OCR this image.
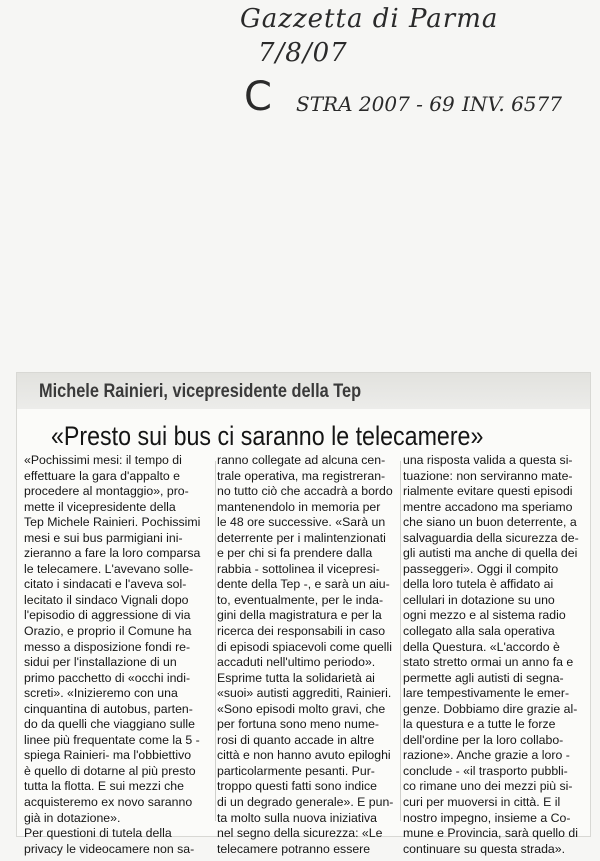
Gazzetta di Parma
7/8/07
C STRA 2007 - 69 INV. 6577
Michele Rainieri, vicepresidente della Tep
«Presto sui bus ci saranno le telecamere»
«Pochissimi mesi: il tempo di
effettuare la gara d'appalto e
procedere al montaggio», pro-
mette il vicepresidente della
Tep Michele Rainieri. Pochissimi
mesi e sui bus parmigiani ini-
zieranno a fare la loro comparsa
le telecamere. L'avevano solle-
citato i sindacati e l'aveva sol-
lecitato il sindaco Vignali dopo
l'episodio di aggressione di via
Orazio, e proprio il Comune ha
messo a disposizione fondi re-
sidui per l'installazione di un
primo pacchetto di «occhi indi-
screti». «Inizieremo con una
cinquantina di autobus, parten-
do da quelli che viaggiano sulle
linee più frequentate come la 5 -
spiega Rainieri- ma l'obbiettivo
è quello di dotarne al più presto
tutta la flotta. E sui mezzi che
acquisteremo ex novo saranno
già in dotazione».
Per questioni di tutela della
privacy le videocamere non sa-
ranno collegate ad alcuna cen-
trale operativa, ma registreran-
no tutto ciò che accadrà a bordo
mantenendolo in memoria per
le 48 ore successive. «Sarà un
deterrente per i malintenzionati
e per chi si fa prendere dalla
rabbia - sottolinea il vicepresi-
dente della Tep -, e sarà un aiu-
to, eventualmente, per le inda-
gini della magistratura e per la
ricerca dei responsabili in caso
di episodi spiacevoli come quelli
accaduti nell'ultimo periodo».
Esprime tutta la solidarietà ai
«suoi» autisti aggrediti, Rainieri.
«Sono episodi molto gravi, che
per fortuna sono meno nume-
rosi di quanto accade in altre
città e non hanno avuto epiloghi
particolarmente pesanti. Pur-
troppo questi fatti sono indice
di un degrado generale». E pun-
ta molto sulla nuova iniziativa
nel segno della sicurezza: «Le
telecamere potranno essere
una risposta valida a questa si-
tuazione: non serviranno mate-
rialmente evitare questi episodi
mentre accadono ma speriamo
che siano un buon deterrente, a
salvaguardia della sicurezza de-
gli autisti ma anche di quella dei
passeggeri». Oggi il compito
della loro tutela è affidato ai
cellulari in dotazione su uno
ogni mezzo e al sistema radio
collegato alla sala operativa
della Questura. «L'accordo è
stato stretto ormai un anno fa e
permette agli autisti di segna-
lare tempestivamente le emer-
genze. Dobbiamo dire grazie al-
la questura e a tutte le forze
dell'ordine per la loro collabo-
razione». Anche grazie a loro -
conclude - «il trasporto pubbli-
co rimane uno dei mezzi più si-
curi per muoversi in città. E il
nostro impegno, insieme a Co-
mune e Provincia, sarà quello di
continuare su questa strada».
